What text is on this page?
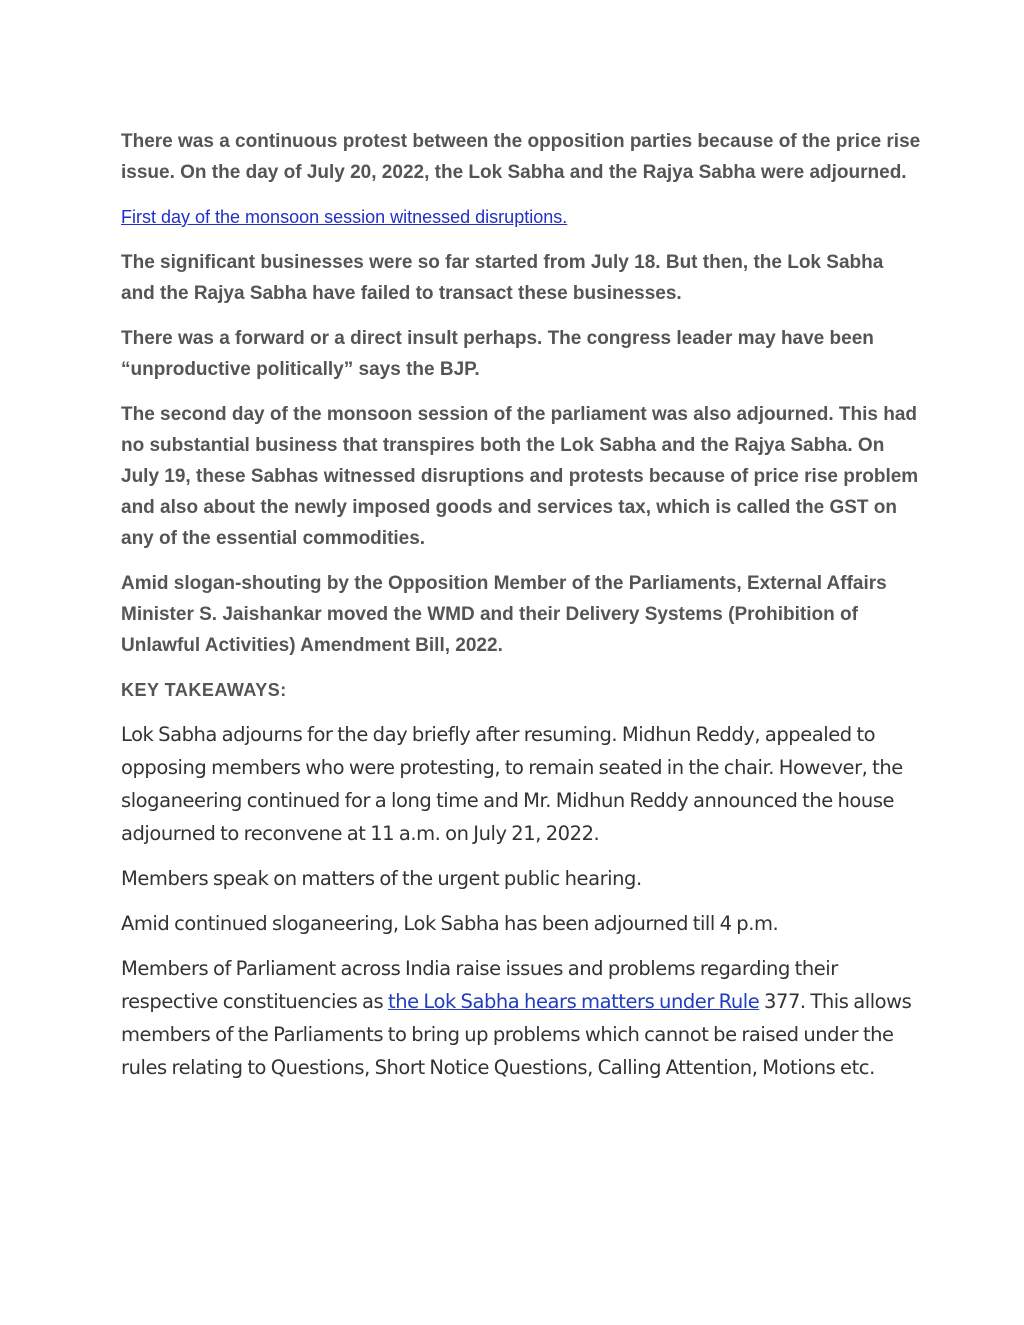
There was a continuous protest between the opposition parties because of the price rise issue. On the day of July 20, 2022, the Lok Sabha and the Rajya Sabha were adjourned.

First day of the monsoon session witnessed disruptions.

The significant businesses were so far started from July 18. But then, the Lok Sabha and the Rajya Sabha have failed to transact these businesses.

There was a forward or a direct insult perhaps. The congress leader may have been “unproductive politically” says the BJP.

The second day of the monsoon session of the parliament was also adjourned. This had no substantial business that transpires both the Lok Sabha and the Rajya Sabha. On July 19, these Sabhas witnessed disruptions and protests because of price rise problem and also about the newly imposed goods and services tax, which is called the GST on any of the essential commodities.

Amid slogan-shouting by the Opposition Member of the Parliaments, External Affairs Minister S. Jaishankar moved the WMD and their Delivery Systems (Prohibition of Unlawful Activities) Amendment Bill, 2022.

KEY TAKEAWAYS:

Lok Sabha adjourns for the day briefly after resuming. Midhun Reddy, appealed to opposing members who were protesting, to remain seated in the chair. However, the sloganeering continued for a long time and Mr. Midhun Reddy announced the house adjourned to reconvene at 11 a.m. on July 21, 2022.

Members speak on matters of the urgent public hearing.

Amid continued sloganeering, Lok Sabha has been adjourned till 4 p.m.

Members of Parliament across India raise issues and problems regarding their respective constituencies as the Lok Sabha hears matters under Rule 377. This allows members of the Parliaments to bring up problems which cannot be raised under the rules relating to Questions, Short Notice Questions, Calling Attention, Motions etc.
